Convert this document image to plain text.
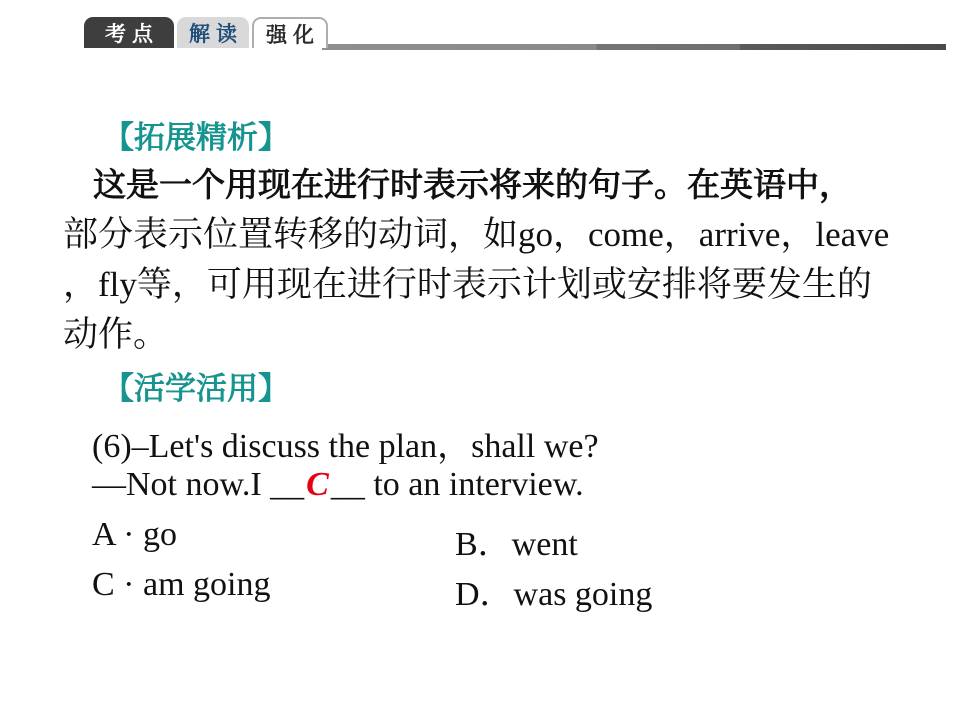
考点	解读	强化
【拓展精析】
这是一个用现在进行时表示将来的句子。在英语中，
部分表示位置转移的动词，如go，come，arrive，leave
，fly等，可用现在进行时表示计划或安排将要发生的
动作。
【活学活用】
(6)–Let's discuss the plan，shall we?
—Not now.I __C__ to an interview.
A · go	B．went
C · am going	D．was going
